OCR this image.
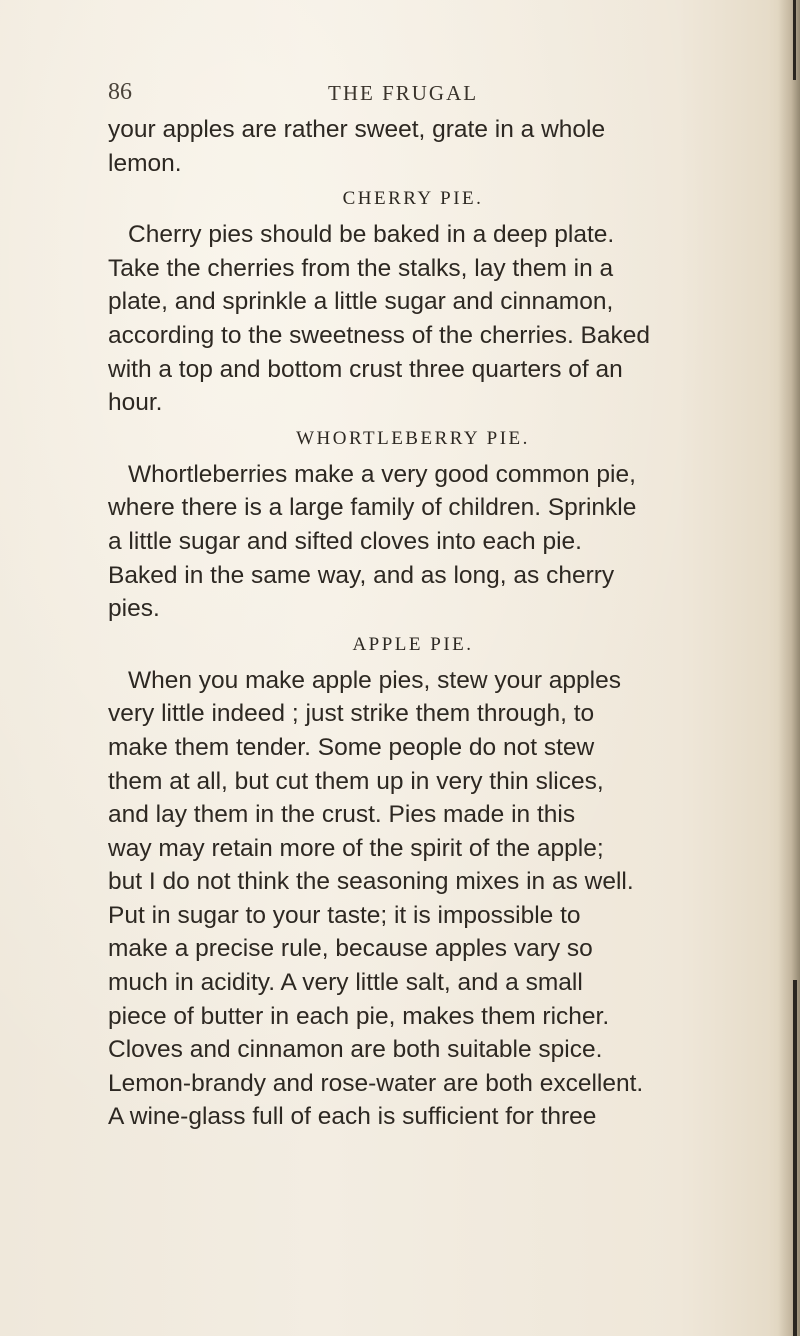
86	THE FRUGAL
your apples are rather sweet, grate in a whole
lemon.
CHERRY PIE.
Cherry pies should be baked in a deep plate.
Take the cherries from the stalks, lay them in a
plate, and sprinkle a little sugar and cinnamon,
according to the sweetness of the cherries. Baked
with a top and bottom crust three quarters of an
hour.
WHORTLEBERRY PIE.
Whortleberries make a very good common pie,
where there is a large family of children. Sprinkle
a little sugar and sifted cloves into each pie.
Baked in the same way, and as long, as cherry
pies.
APPLE PIE.
When you make apple pies, stew your apples
very little indeed ; just strike them through, to
make them tender. Some people do not stew
them at all, but cut them up in very thin slices,
and lay them in the crust. Pies made in this
way may retain more of the spirit of the apple;
but I do not think the seasoning mixes in as well.
Put in sugar to your taste; it is impossible to
make a precise rule, because apples vary so
much in acidity. A very little salt, and a small
piece of butter in each pie, makes them richer.
Cloves and cinnamon are both suitable spice.
Lemon-brandy and rose-water are both excellent.
A wine-glass full of each is sufficient for three
